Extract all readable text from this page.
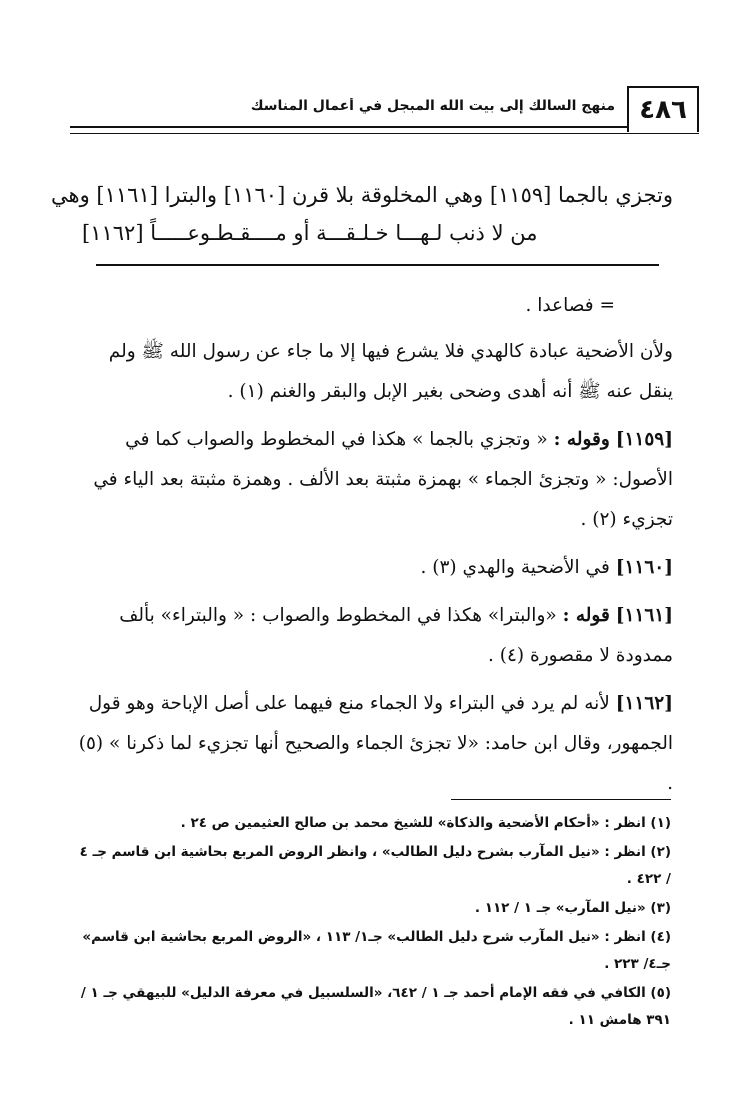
٤٨٦
منهج السالك إلى بيت الله المبجل في أعمال المناسك
وتجزي بالجما [١١٥٩] وهي المخلوقة بلا قرن [١١٦٠] والبترا [١١٦١] وهي
من لا ذنب لـهـــا خـلـقـــة أو مــــقـطـوعـــــاً [١١٦٢]

= فصاعدا .

ولأن الأضحية عبادة كالهدي فلا يشرع فيها إلا ما جاء عن رسول الله ﷺ ولم ينقل عنه ﷺ أنه أهدى وضحى بغير الإبل والبقر والغنم (١) .

[١١٥٩] وقوله : « وتجزي بالجما » هكذا في المخطوط والصواب كما في الأصول: « وتجزئ الجماء » بهمزة مثبتة بعد الألف . وهمزة مثبتة بعد الياء في تجزيء (٢) .

[١١٦٠] في الأضحية والهدي (٣) .

[١١٦١] قوله : «والبترا» هكذا في المخطوط والصواب : « والبتراء» بألف ممدودة لا مقصورة (٤) .

[١١٦٢] لأنه لم يرد في البتراء ولا الجماء منع فيهما على أصل الإباحة وهو قول الجمهور، وقال ابن حامد: «لا تجزئ الجماء والصحيح أنها تجزيء لما ذكرنا » (٥) .

(١) انظر : «أحكام الأضحية والذكاة» للشيخ محمد بن صالح العثيمين ص ٢٤ .

(٢) انظر : «نيل المآرب بشرح دليل الطالب» ، وانظر الروض المربع بحاشية ابن قاسم جـ ٤ / ٤٢٢ .

(٣) «نيل المآرب» جـ ١ / ١١٢ .

(٤) انظر : «نيل المآرب شرح دليل الطالب» جـ١/ ١١٣ ، «الروض المربع بحاشية ابن قاسم» جـ٤/ ٢٢٣ .

(٥) الكافي في فقه الإمام أحمد جـ ١ / ٦٤٢، «السلسبيل في معرفة الدليل» للبيهقي جـ ١ / ٣٩١ هامش ١١ .
